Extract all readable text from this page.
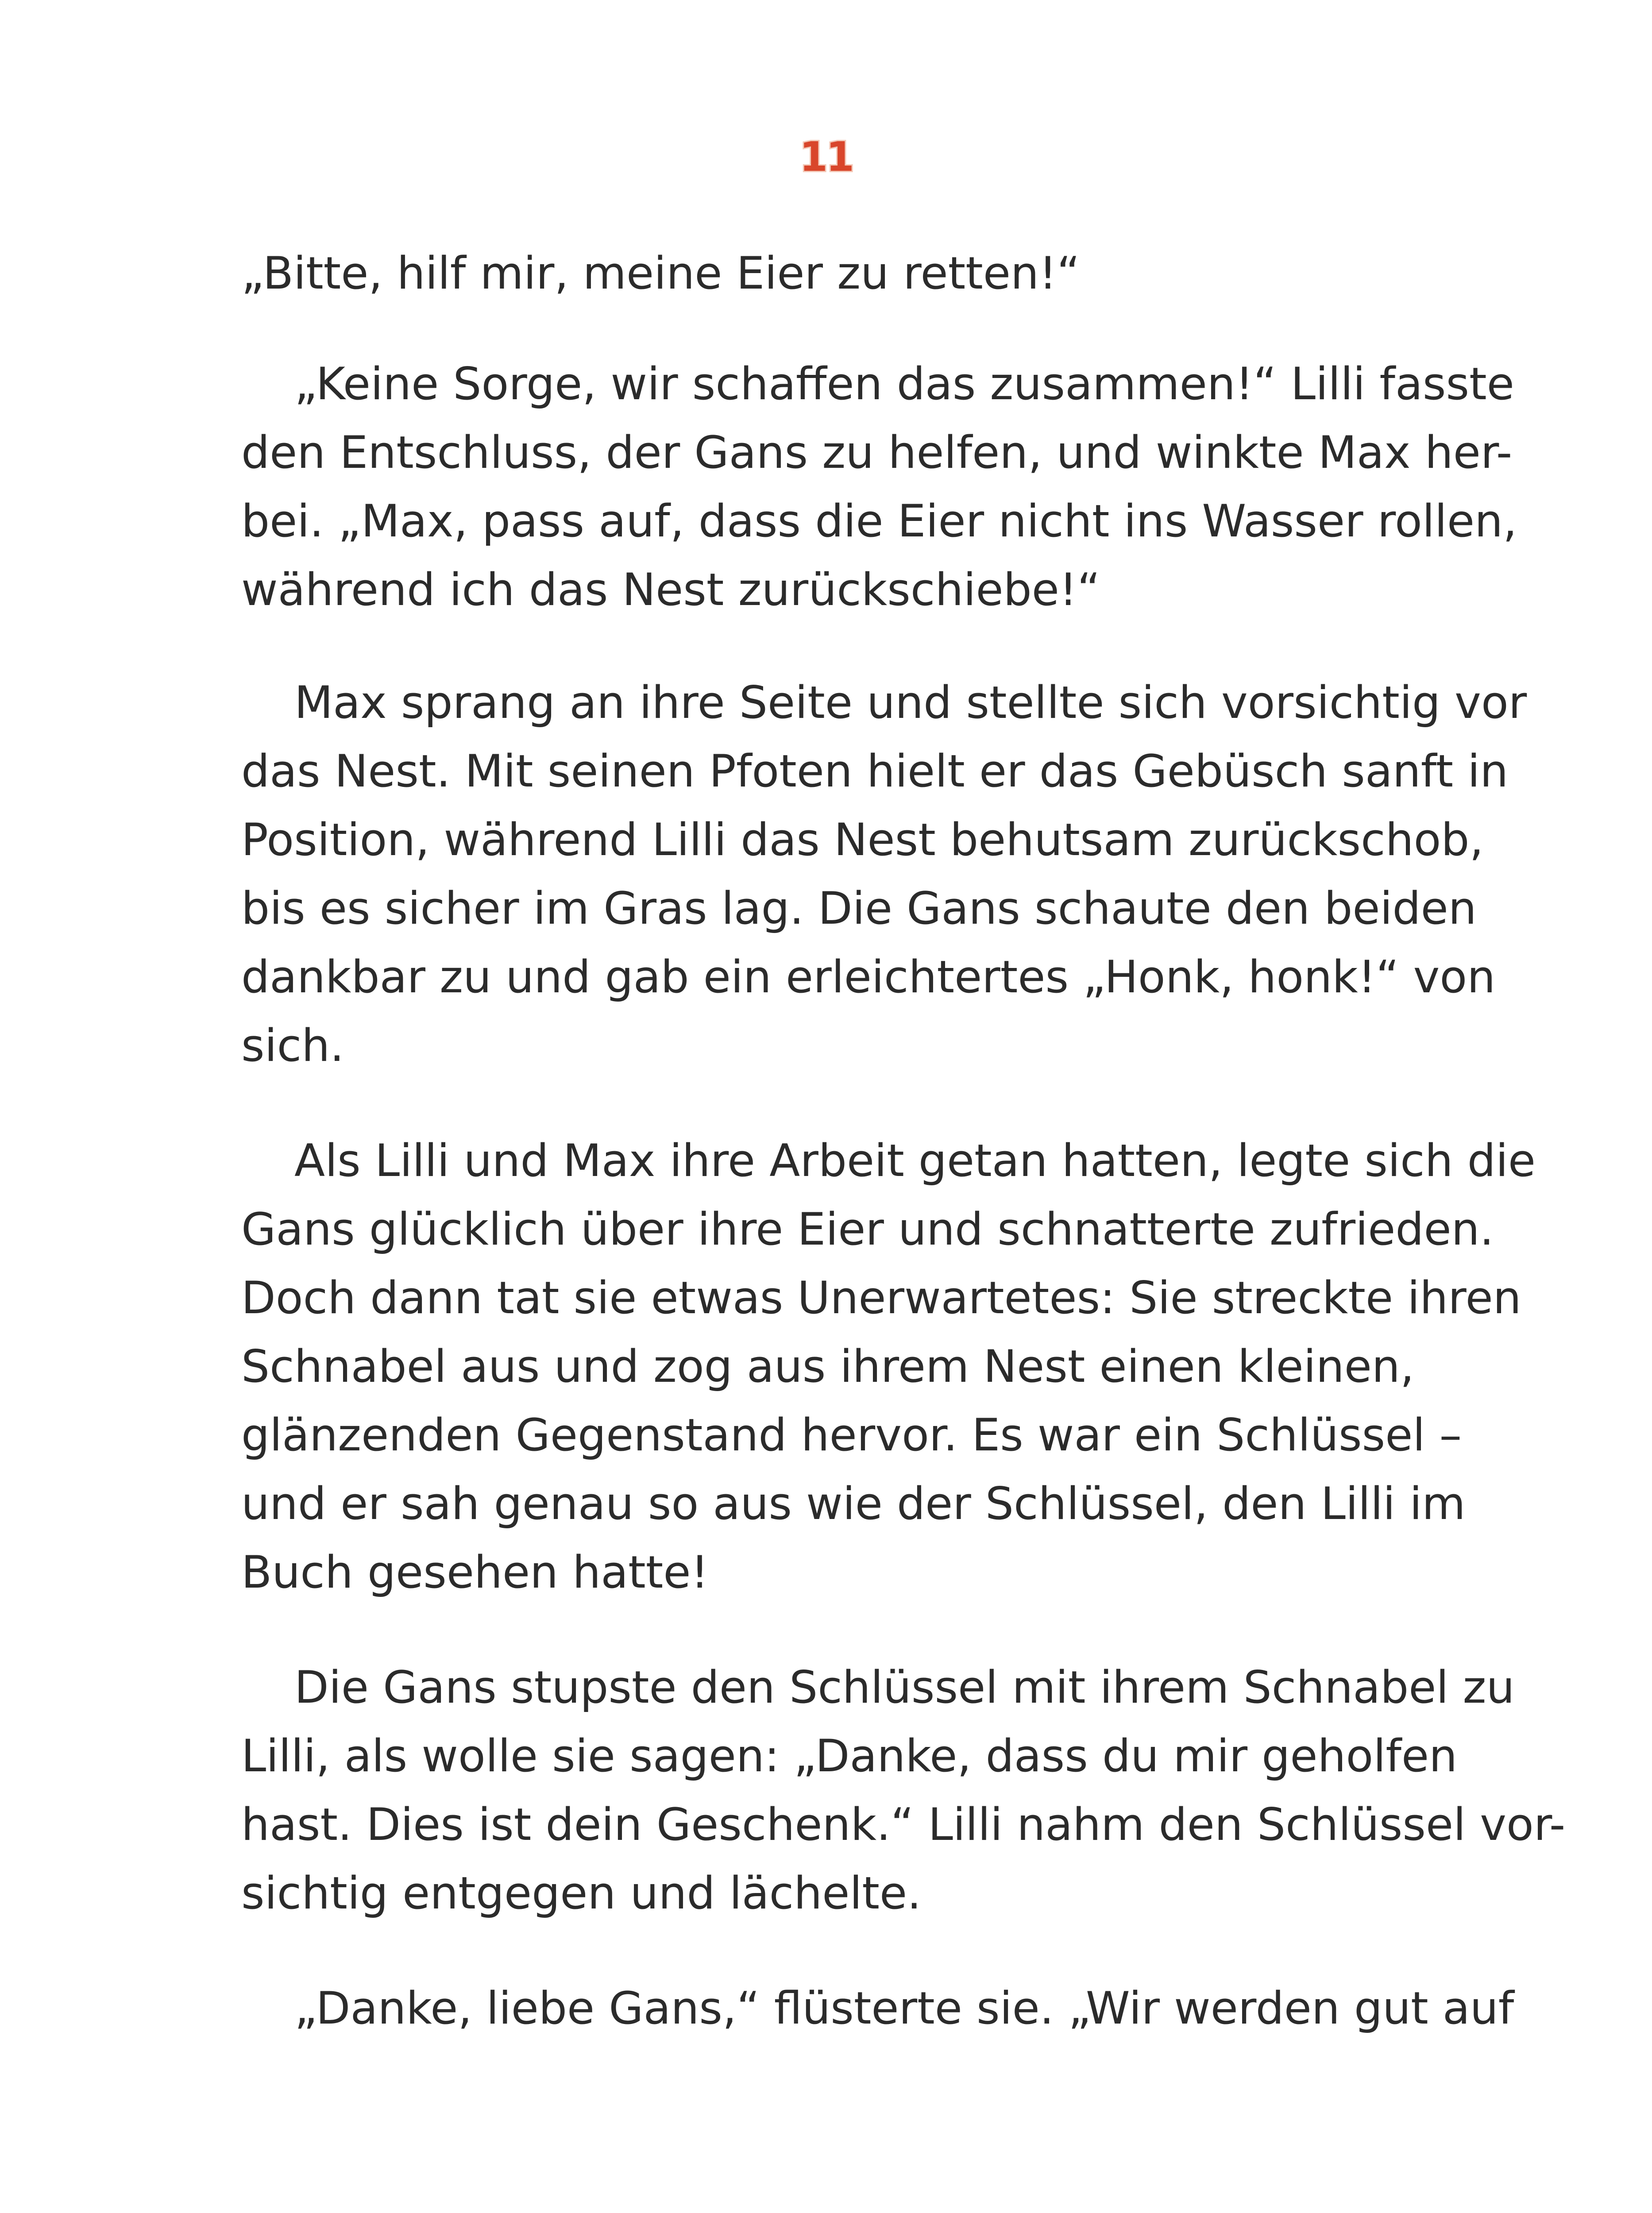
11
„Bitte, hilf mir, meine Eier zu retten!“
„Keine Sorge, wir schaffen das zusammen!“ Lilli fasste
den Entschluss, der Gans zu helfen, und winkte Max her-
bei. „Max, pass auf, dass die Eier nicht ins Wasser rollen,
während ich das Nest zurückschiebe!“
Max sprang an ihre Seite und stellte sich vorsichtig vor
das Nest. Mit seinen Pfoten hielt er das Gebüsch sanft in
Position, während Lilli das Nest behutsam zurückschob,
bis es sicher im Gras lag. Die Gans schaute den beiden
dankbar zu und gab ein erleichtertes „Honk, honk!“ von
sich.
Als Lilli und Max ihre Arbeit getan hatten, legte sich die
Gans glücklich über ihre Eier und schnatterte zufrieden.
Doch dann tat sie etwas Unerwartetes: Sie streckte ihren
Schnabel aus und zog aus ihrem Nest einen kleinen,
glänzenden Gegenstand hervor. Es war ein Schlüssel –
und er sah genau so aus wie der Schlüssel, den Lilli im
Buch gesehen hatte!
Die Gans stupste den Schlüssel mit ihrem Schnabel zu
Lilli, als wolle sie sagen: „Danke, dass du mir geholfen
hast. Dies ist dein Geschenk.“ Lilli nahm den Schlüssel vor-
sichtig entgegen und lächelte.
„Danke, liebe Gans,“ flüsterte sie. „Wir werden gut auf
